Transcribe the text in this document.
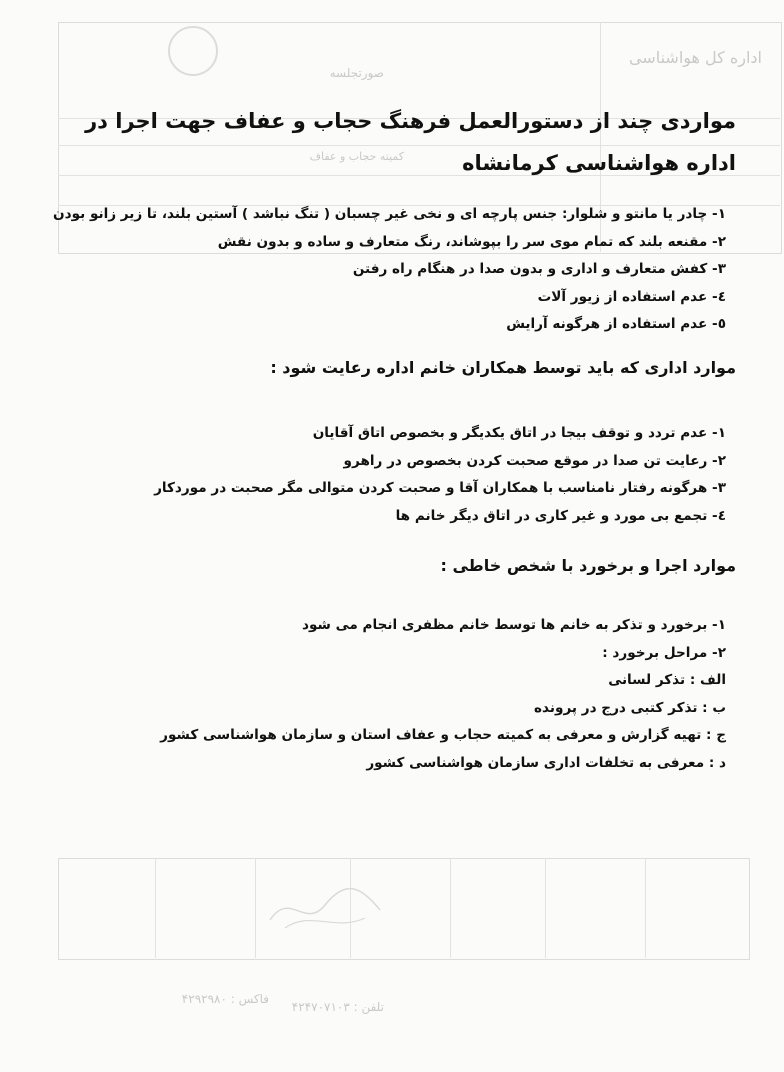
اداره کل هواشناسی
صورتجلسه
کمیته حجاب و عفاف
تلفن : ۴۲۴۷۰۷۱۰۳
فاکس : ۴۲۹۲۹۸۰
مواردی چند از دستورالعمل فرهنگ حجاب و عفاف جهت اجرا در اداره هواشناسی کرمانشاه
۱- چادر یا مانتو و شلوار: جنس پارچه ای و نخی غیر چسبان ( تنگ نباشد ) آستین بلند، تا زیر زانو بودن
۲- مقنعه بلند که تمام موی سر را بپوشاند، رنگ متعارف و ساده و بدون نقش
۳- کفش متعارف و اداری و بدون صدا در هنگام راه رفتن
٤- عدم استفاده از زیور آلات
٥- عدم استفاده از هرگونه آرایش
موارد اداری که باید توسط همکاران خانم اداره رعایت شود :
۱- عدم تردد و توقف بیجا در اتاق یکدیگر و بخصوص اتاق آقایان
۲- رعایت تن صدا در موقع صحبت کردن بخصوص در راهرو
۳- هرگونه رفتار نامناسب با همکاران آقا و صحبت کردن متوالی مگر صحبت در موردکار
٤- تجمع بی مورد و غیر کاری در اتاق دیگر خانم ها
موارد اجرا و برخورد با شخص خاطی :
۱- برخورد و تذکر به خانم ها توسط خانم مظفری انجام می شود
۲- مراحل برخورد :
الف : تذکر لسانی
ب : تذکر کتبی درج در پرونده
ج : تهیه گزارش و معرفی به کمیته حجاب و عفاف استان و سازمان هواشناسی کشور
د : معرفی به تخلفات اداری سازمان هواشناسی کشور
